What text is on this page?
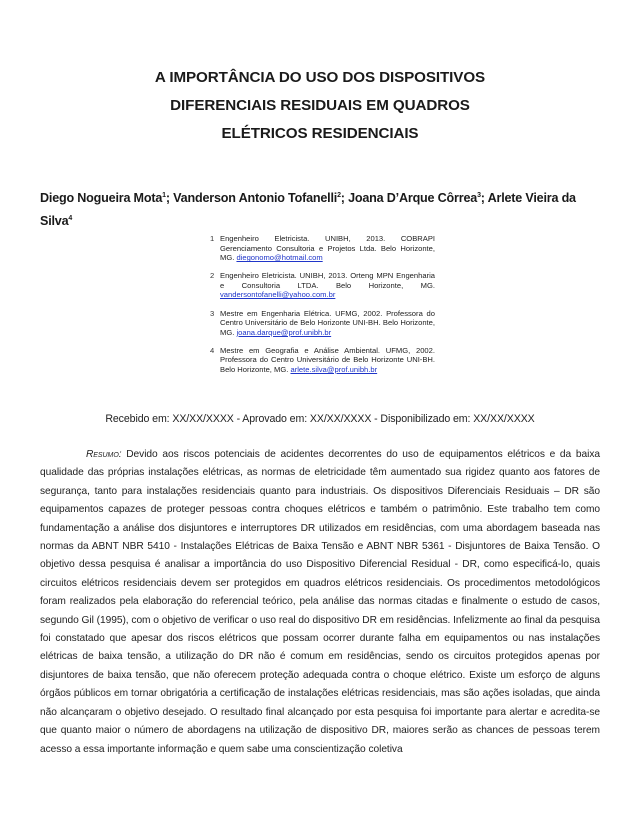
A IMPORTÂNCIA DO USO DOS DISPOSITIVOS
DIFERENCIAIS RESIDUAIS EM QUADROS
ELÉTRICOS RESIDENCIAIS
Diego Nogueira Mota$^1$; Vanderson Antonio Tofanelli$^2$; Joana D’Arque Côrrea$^3$; Arlete Vieira da Silva$^4$
1 Engenheiro Eletricista. UNIBH, 2013. COBRAPI Gerenciamento Consultoria e Projetos Ltda. Belo Horizonte, MG. diegonomo@hotmail.com
2 Engenheiro Eletricista. UNIBH, 2013. Orteng MPN Engenharia e Consultoria LTDA. Belo Horizonte, MG. vandersontofanelli@yahoo.com.br
3 Mestre em Engenharia Elétrica. UFMG, 2002. Professora do Centro Universitário de Belo Horizonte UNI-BH. Belo Horizonte, MG. joana.darque@prof.unibh.br
4 Mestre em Geografia e Análise Ambiental. UFMG, 2002. Professora do Centro Universitário de Belo Horizonte UNI-BH. Belo Horizonte, MG. arlete.silva@prof.unibh.br
Recebido em: XX/XX/XXXX - Aprovado em: XX/XX/XXXX - Disponibilizado em: XX/XX/XXXX
Resumo: Devido aos riscos potenciais de acidentes decorrentes do uso de equipamentos elétricos e da baixa qualidade das próprias instalações elétricas, as normas de eletricidade têm aumentado sua rigidez quanto aos fatores de segurança, tanto para instalações residenciais quanto para industriais. Os dispositivos Diferenciais Residuais – DR são equipamentos capazes de proteger pessoas contra choques elétricos e também o patrimônio. Este trabalho tem como fundamentação a análise dos disjuntores e interruptores DR utilizados em residências, com uma abordagem baseada nas normas da ABNT NBR 5410 - Instalações Elétricas de Baixa Tensão e ABNT NBR 5361 - Disjuntores de Baixa Tensão. O objetivo dessa pesquisa é analisar a importância do uso Dispositivo Diferencial Residual - DR, como especificá-lo, quais circuitos elétricos residenciais devem ser protegidos em quadros elétricos residenciais. Os procedimentos metodológicos foram realizados pela elaboração do referencial teórico, pela análise das normas citadas e finalmente o estudo de casos, segundo Gil (1995), com o objetivo de verificar o uso real do dispositivo DR em residências. Infelizmente ao final da pesquisa foi constatado que apesar dos riscos elétricos que possam ocorrer durante falha em equipamentos ou nas instalações elétricas de baixa tensão, a utilização do DR não é comum em residências, sendo os circuitos protegidos apenas por disjuntores de baixa tensão, que não oferecem proteção adequada contra o choque elétrico. Existe um esforço de alguns órgãos públicos em tornar obrigatória a certificação de instalações elétricas residenciais, mas são ações isoladas, que ainda não alcançaram o objetivo desejado. O resultado final alcançado por esta pesquisa foi importante para alertar e acredita-se que quanto maior o número de abordagens na utilização de dispositivo DR, maiores serão as chances de pessoas terem acesso a essa importante informação e quem sabe uma conscientização coletiva
